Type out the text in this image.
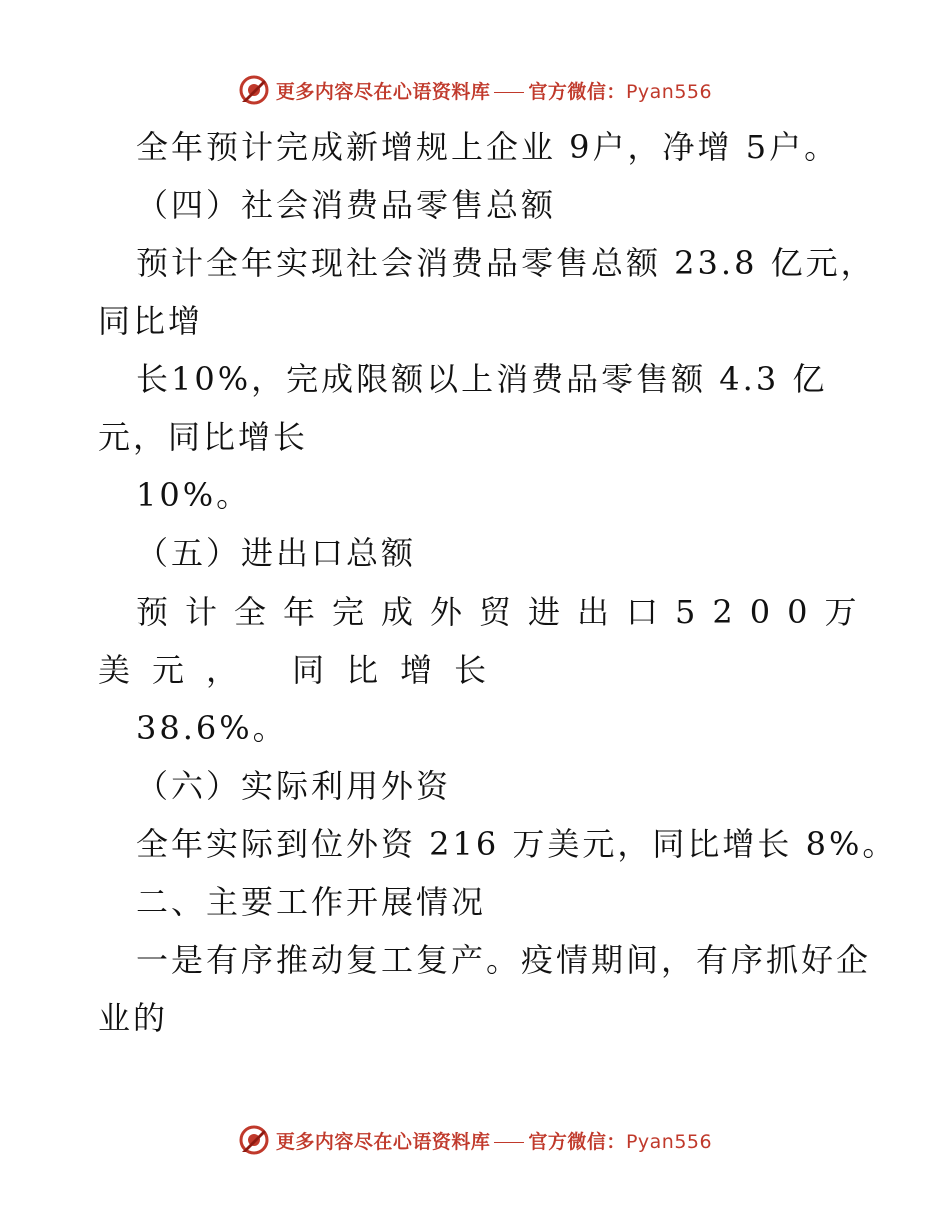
更多内容尽在心语资料库 官方微信：Pyan556
全年预计完成新增规上企业 9户，净增 5户。
（四）社会消费品零售总额
预计全年实现社会消费品零售总额 23.8 亿元，
同比增
长10%，完成限额以上消费品零售额 4.3 亿
元，同比增长
10%。
（五）进出口总额
预计全年完成外贸进出口5200万
美元， 同比增长
38.6%。
（六）实际利用外资
全年实际到位外资 216 万美元，同比增长 8%。
二、主要工作开展情况
一是有序推动复工复产。疫情期间，有序抓好企
业的
更多内容尽在心语资料库 官方微信：Pyan556
